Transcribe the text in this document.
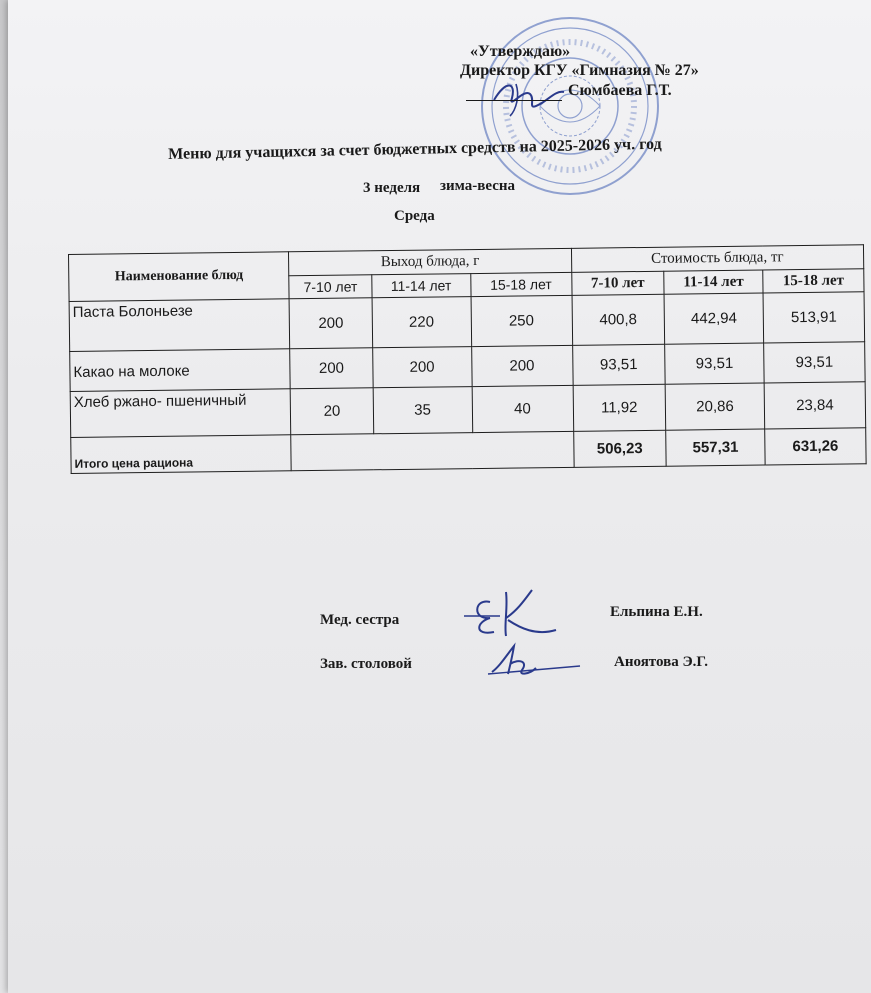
«Утверждаю»
Директор КГУ «Гимназия № 27»
Сюмбаева Г.Т.
Меню для учащихся за счет бюджетных средств на 2025-2026 уч. год
3 неделя зима-весна
Среда
Наименование блюд	Выход блюда, г			Стоимость блюда, тг		
	7-10 лет	11-14 лет	15-18 лет	7-10 лет	11-14 лет	15-18 лет
Паста Болоньезе	200	220	250	400,8	442,94	513,91
Какао на молоке	200	200	200	93,51	93,51	93,51
Хлеб ржано- пшеничный	20	35	40	11,92	20,86	23,84
Итого цена рациона				506,23	557,31	631,26
Мед. сестра	Ельпина Е.Н.
Зав. столовой	Аноятова Э.Г.
